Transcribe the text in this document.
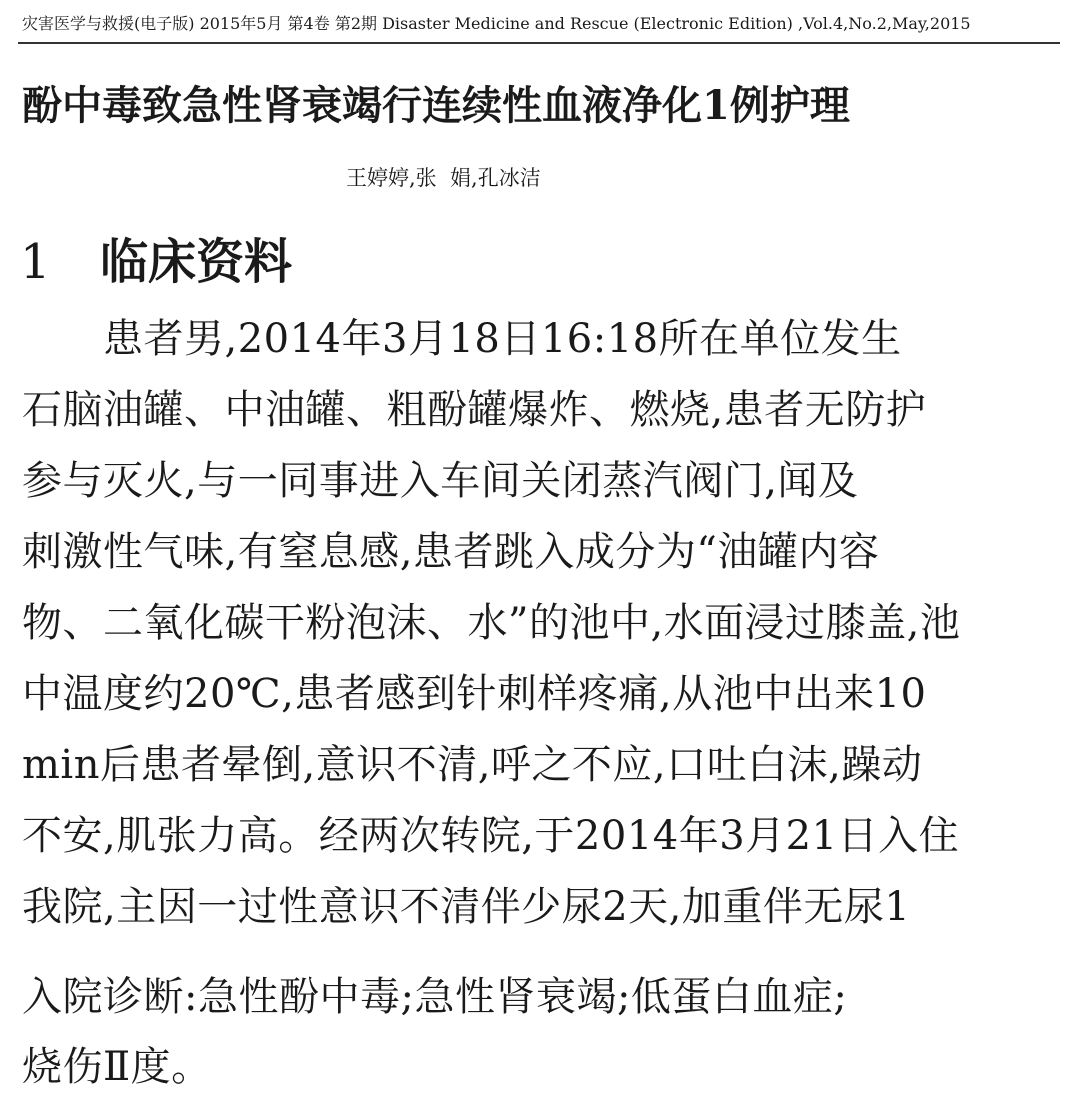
灾害医学与救援(电子版) 2015年5月 第4卷 第2期 Disaster Medicine and Rescue (Electronic Edition) ,Vol.4,No.2,May,2015
酚中毒致急性肾衰竭行连续性血液净化1例护理
王婷婷,张  娟,孔冰洁
1 临床资料
　　患者男,2014年3月18日16:18所在单位发生
石脑油罐、中油罐、粗酚罐爆炸、燃烧,患者无防护
参与灭火,与一同事进入车间关闭蒸汽阀门,闻及
刺激性气味,有窒息感,患者跳入成分为“油罐内容
物、二氧化碳干粉泡沫、水”的池中,水面浸过膝盖,池
中温度约20℃,患者感到针刺样疼痛,从池中出来10
min后患者晕倒,意识不清,呼之不应,口吐白沫,躁动
不安,肌张力高。经两次转院,于2014年3月21日入住
我院,主因一过性意识不清伴少尿2天,加重伴无尿1
入院诊断:急性酚中毒;急性肾衰竭;低蛋白血症;
烧伤Ⅱ度。
